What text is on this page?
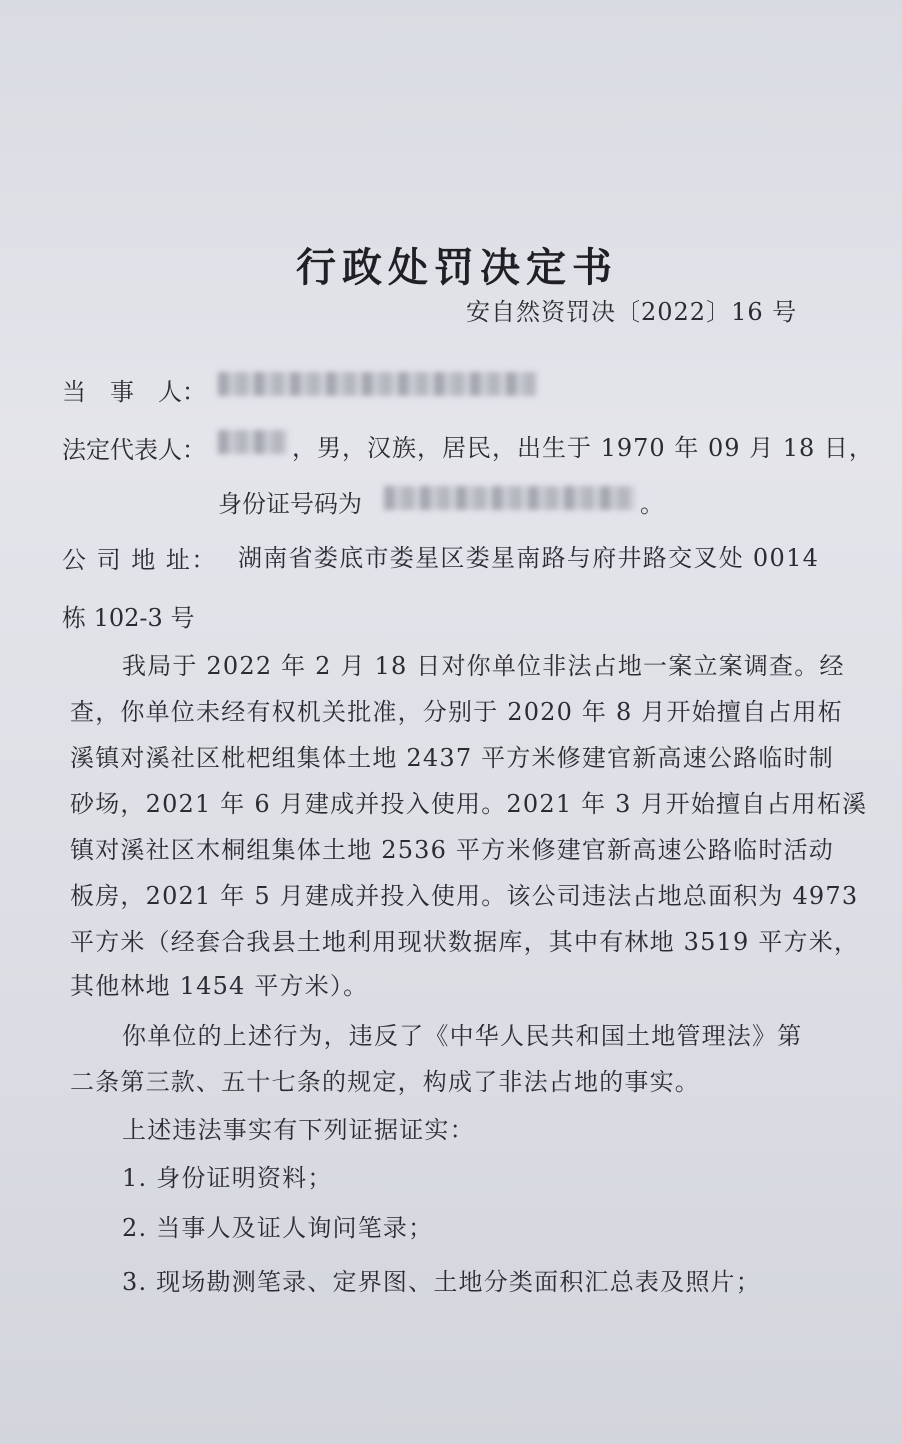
行政处罚决定书
安自然资罚决〔2022〕16 号
当　事　人：
法定代表人：	，男，汉族，居民，出生于 1970 年 09 月 18 日，
身份证号码为	。
公 司 地 址： 湖南省娄底市娄星区娄星南路与府井路交叉处 0014
栋 102-3 号
我局于 2022 年 2 月 18 日对你单位非法占地一案立案调查。经
查，你单位未经有权机关批准，分别于 2020 年 8 月开始擅自占用柘
溪镇对溪社区枇杷组集体土地 2437 平方米修建官新高速公路临时制
砂场，2021 年 6 月建成并投入使用。2021 年 3 月开始擅自占用柘溪
镇对溪社区木桐组集体土地 2536 平方米修建官新高速公路临时活动
板房，2021 年 5 月建成并投入使用。该公司违法占地总面积为 4973
平方米（经套合我县土地利用现状数据库，其中有林地 3519 平方米，
其他林地 1454 平方米）。
你单位的上述行为，违反了《中华人民共和国土地管理法》第
二条第三款、五十七条的规定，构成了非法占地的事实。
上述违法事实有下列证据证实：
1. 身份证明资料；
2. 当事人及证人询问笔录；
3. 现场勘测笔录、定界图、土地分类面积汇总表及照片；
